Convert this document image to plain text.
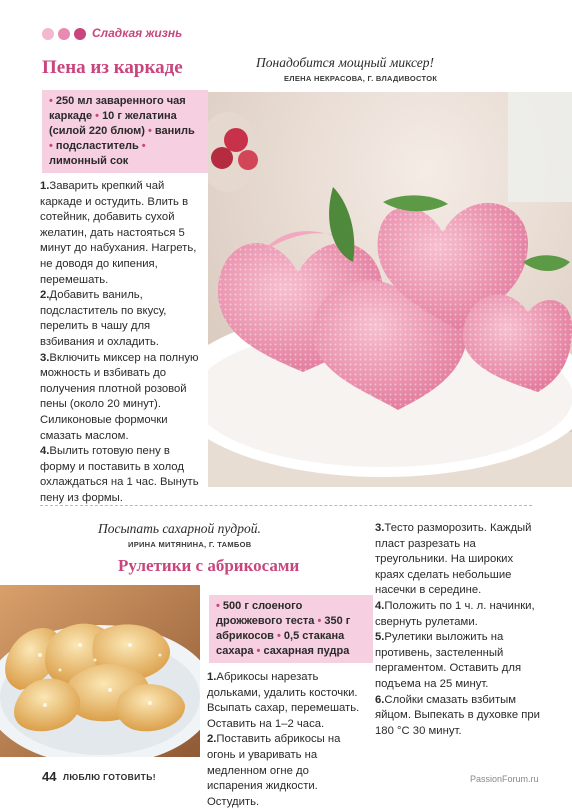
Сладкая жизнь
Пена из каркаде
• 250 мл заваренного чая каркаде • 10 г желатина (силой 220 блюм) • ваниль • подсластитель • лимонный сок

1.Заварить крепкий чай каркаде и остудить. Влить в сотейник, добавить сухой желатин, дать настояться 5 минут до набухания. Нагреть, не доводя до кипения, перемешать.

2.Добавить ваниль, подсластитель по вкусу, перелить в чашу для взбивания и охладить.

3.Включить миксер на полную можность и взбивать до получения плотной розовой пены (около 20 минут). Силиконовые формочки смазать маслом.

4.Вылить готовую пену в форму и поставить в холод охлаждаться на 1 час. Вынуть пену из формы.

Понадобится мощный миксер!
ЕЛЕНА НЕКРАСОВА, Г. ВЛАДИВОСТОК
Посыпать сахарной пудрой.
ИРИНА МИТЯНИНА, Г. ТАМБОВ
Рулетики с абрикосами
• 500 г слоеного дрожжевого теста • 350 г абрикосов • 0,5 стакана сахара • сахарная пудра

1.Абрикосы нарезать дольками, удалить косточки. Всыпать сахар, перемешать. Оставить на 1–2 часа.

2.Поставить абрикосы на огонь и уваривать на медленном огне до испарения жидкости. Остудить.

3.Тесто разморозить. Каждый пласт разрезать на треугольники. На широких краях сделать небольшие насечки в середине.

4.Положить по 1 ч. л. начинки, свернуть рулетами.

5.Рулетики выложить на противень, застеленный пергаментом. Оставить для подъема на 25 минут.

6.Слойки смазать взбитым яйцом. Выпекать в духовке при 180 °С 30 минут.

44 ЛЮБЛЮ ГОТОВИТЬ!	PassionForum.ru
